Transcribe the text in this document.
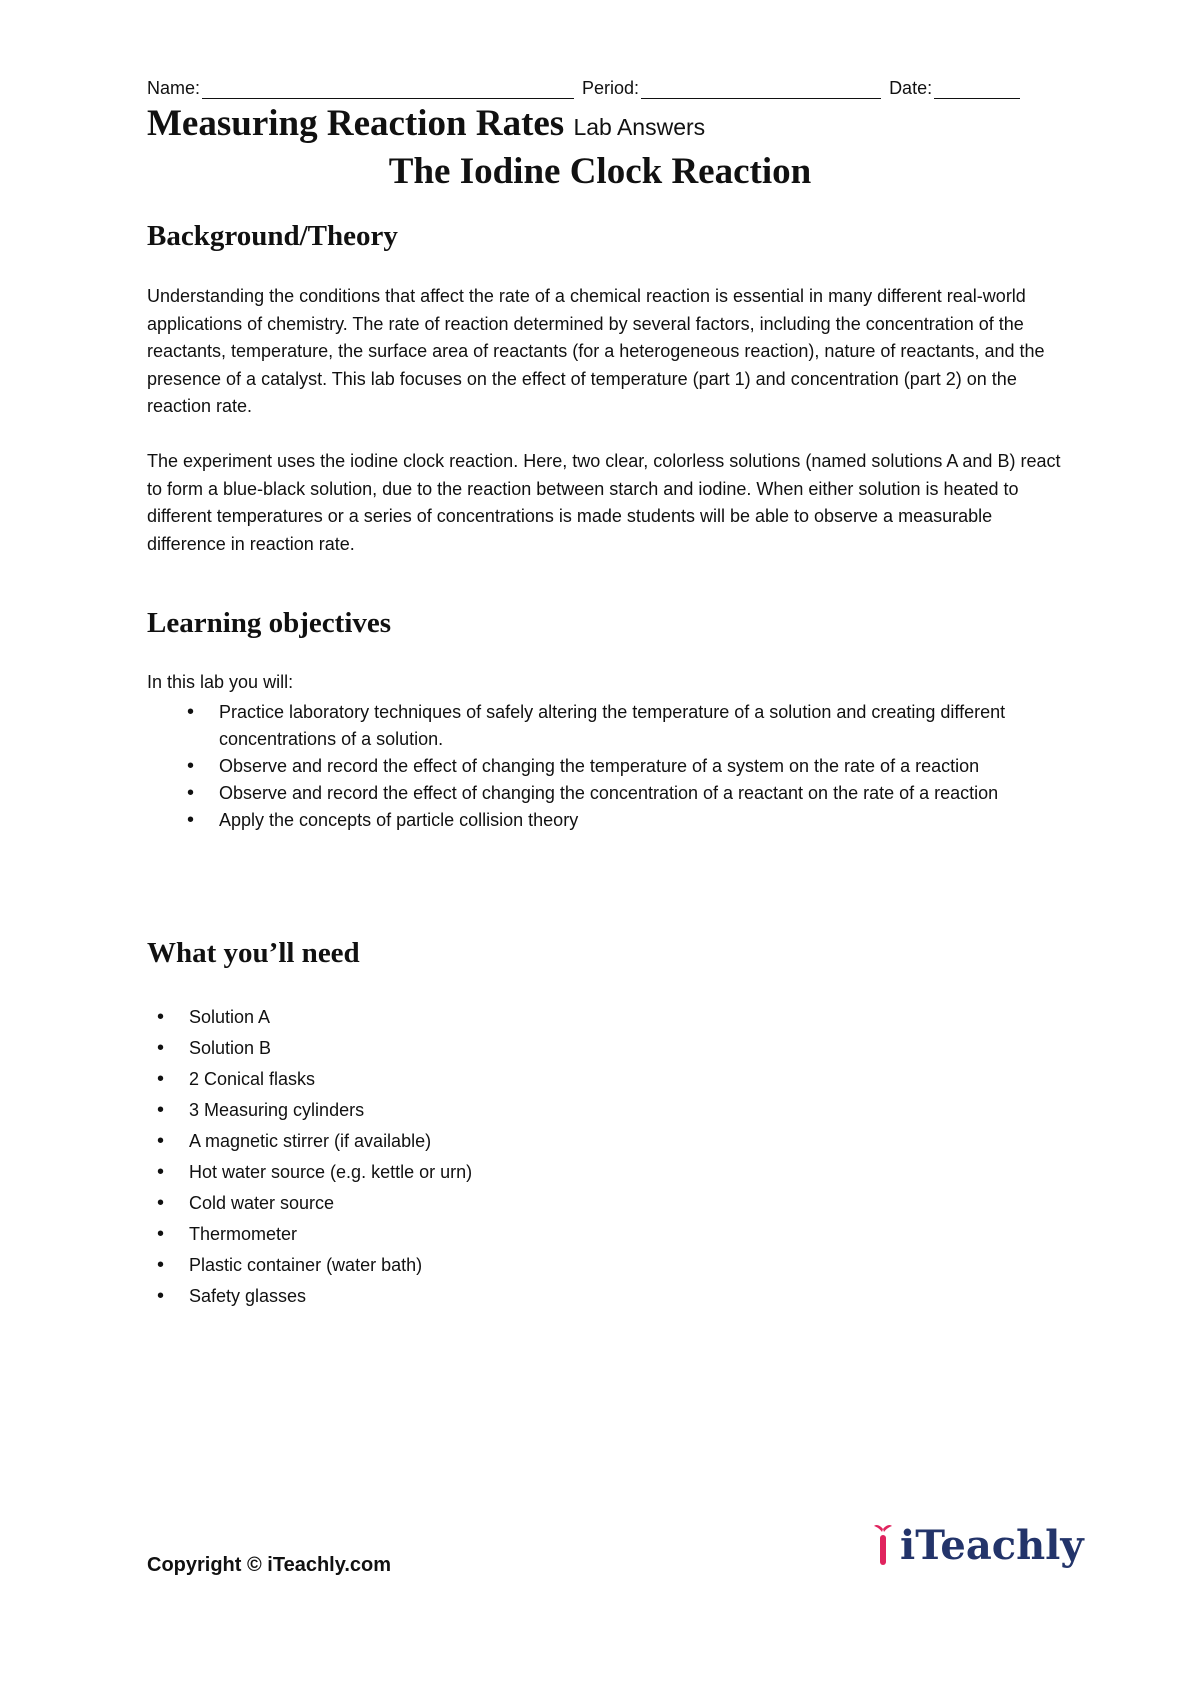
Name:	Period:	Date:
Measuring Reaction Rates Lab Answers
The Iodine Clock Reaction
Background/Theory
Understanding the conditions that affect the rate of a chemical reaction is essential in many different real-world applications of chemistry. The rate of reaction determined by several factors, including the concentration of the reactants, temperature, the surface area of reactants (for a heterogeneous reaction), nature of reactants, and the presence of a catalyst. This lab focuses on the effect of temperature (part 1) and concentration (part 2) on the reaction rate.
The experiment uses the iodine clock reaction. Here, two clear, colorless solutions (named solutions A and B) react to form a blue-black solution, due to the reaction between starch and iodine. When either solution is heated to different temperatures or a series of concentrations is made students will be able to observe a measurable difference in reaction rate.
Learning objectives
In this lab you will:
• Practice laboratory techniques of safely altering the temperature of a solution and creating different concentrations of a solution.
• Observe and record the effect of changing the temperature of a system on the rate of a reaction
• Observe and record the effect of changing the concentration of a reactant on the rate of a reaction
• Apply the concepts of particle collision theory
What you’ll need
• Solution A
• Solution B
• 2 Conical flasks
• 3 Measuring cylinders
• A magnetic stirrer (if available)
• Hot water source (e.g. kettle or urn)
• Cold water source
• Thermometer
• Plastic container (water bath)
• Safety glasses
Copyright © iTeachly.com	iTeachly
